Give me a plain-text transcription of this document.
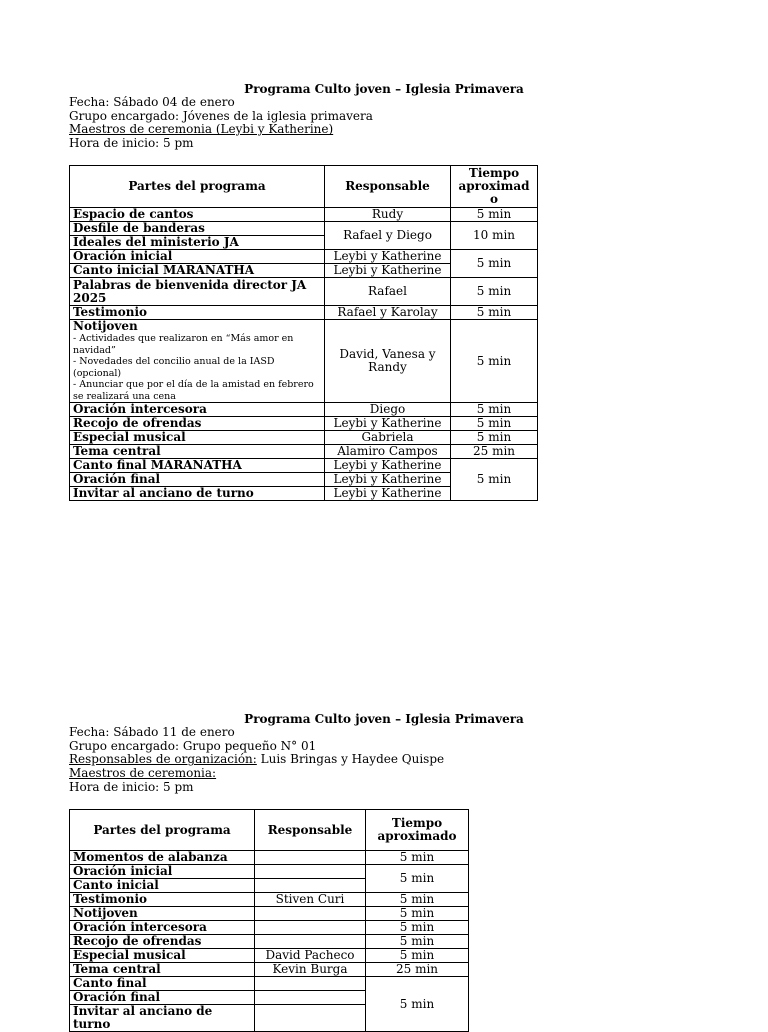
Programa Culto joven – Iglesia Primavera
Fecha: Sábado 04 de enero
Grupo encargado: Jóvenes de la iglesia primavera
Maestros de ceremonia (Leybi y Katherine)
Hora de inicio: 5 pm
Partes del programa	Responsable	Tiempo aproximad o
Espacio de cantos	Rudy	5 min
Desfile de banderas	Rafael y Diego	10 min
Ideales del ministerio JA		
Oración inicial	Leybi y Katherine	5 min
Canto inicial MARANATHA	Leybi y Katherine	
Palabras de bienvenida director JA 2025	Rafael	5 min
Testimonio	Rafael y Karolay	5 min

Notijoven
- Actividades que realizaron en “Más amor en navidad”
- Novedades del concilio anual de la IASD (opcional)
- Anunciar que por el día de la amistad en febrero se realizará una cena	David, Vanesa y Randy	5 min
Oración intercesora	Diego	5 min
Recojo de ofrendas	Leybi y Katherine	5 min
Especial musical	Gabriela	5 min
Tema central	Alamiro Campos	25 min
Canto final MARANATHA	Leybi y Katherine	5 min
Oración final	Leybi y Katherine	
Invitar al anciano de turno	Leybi y Katherine	
Programa Culto joven – Iglesia Primavera
Fecha: Sábado 11 de enero
Grupo encargado: Grupo pequeño N° 01
Responsables de organización: Luis Bringas y Haydee Quispe
Maestros de ceremonia:
Hora de inicio: 5 pm
Partes del programa	Responsable	Tiempo aproximado
Momentos de alabanza		5 min
Oración inicial		5 min
Canto inicial		
Testimonio	Stiven Curi	5 min
Notijoven		5 min
Oración intercesora		5 min
Recojo de ofrendas		5 min
Especial musical	David Pacheco	5 min
Tema central	Kevin Burga	25 min
Canto final		5 min
Oración final		
Invitar al anciano de turno		
